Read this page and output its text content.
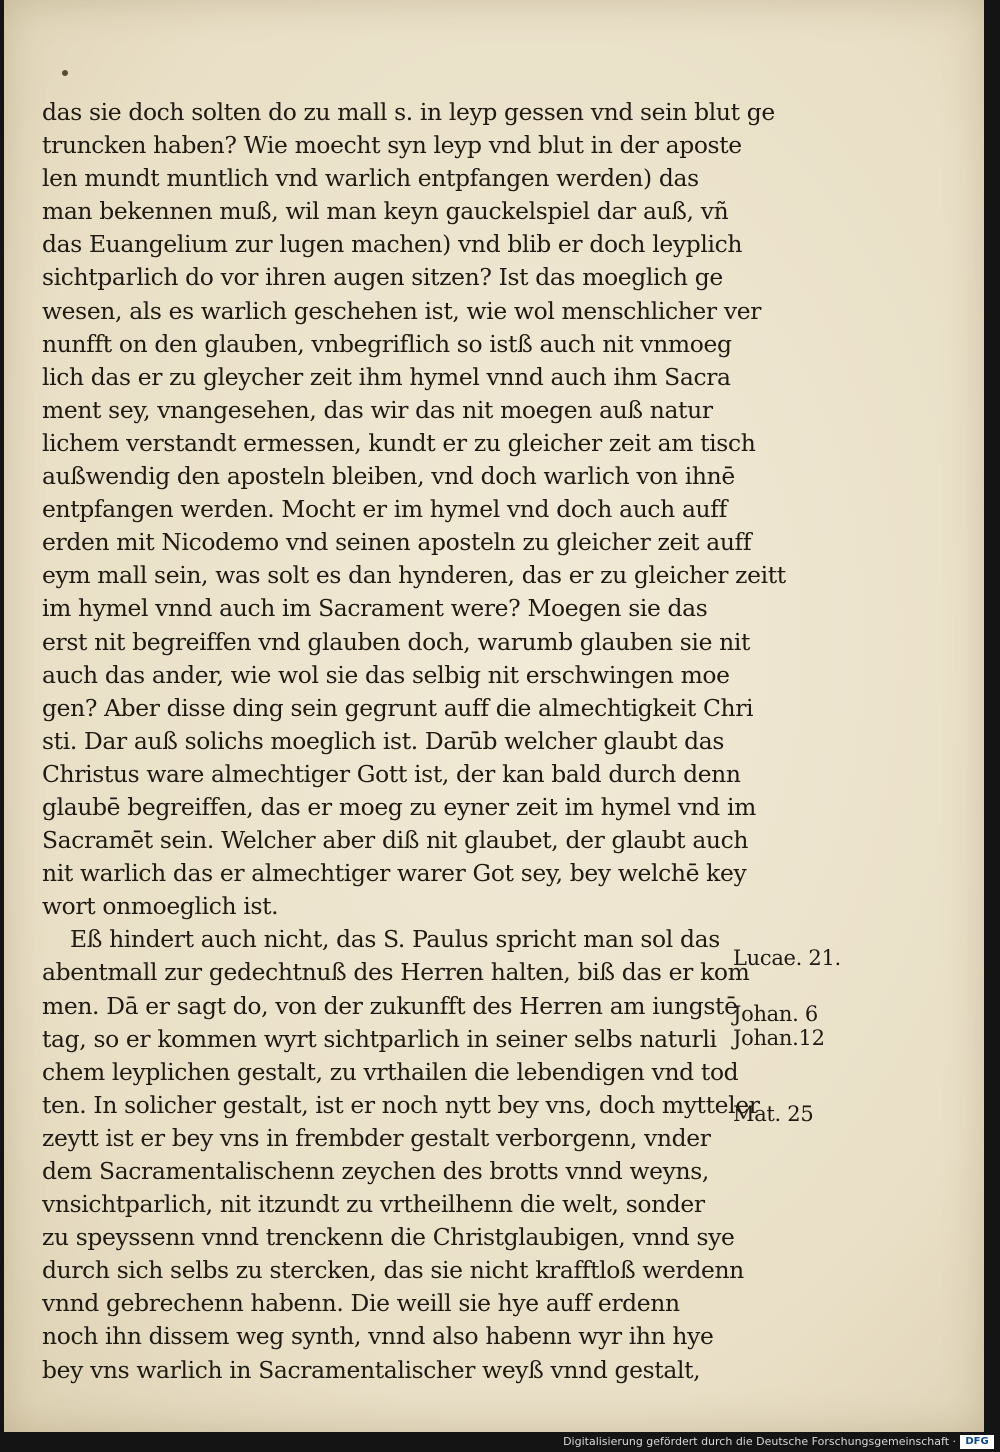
das sie doch solten do zu mall s. in leyp gessen vnd sein blut ge
truncken haben? Wie moecht syn leyp vnd blut in der aposte
len mundt muntlich vnd warlich entpfangen werden) das
man bekennen muß, wil man keyn gauckelspiel dar auß, vñ
das Euangelium zur lugen machen) vnd blib er doch leyplich
sichtparlich do vor ihren augen sitzen? Ist das moeglich ge
wesen, als es warlich geschehen ist, wie wol menschlicher ver
nunfft on den glauben, vnbegriflich so istß auch nit vnmoeg
lich das er zu gleycher zeit ihm hymel vnnd auch ihm Sacra
ment sey, vnangesehen, das wir das nit moegen auß natur
lichem verstandt ermessen, kundt er zu gleicher zeit am tisch
außwendig den aposteln bleiben, vnd doch warlich von ihnē
entpfangen werden. Mocht er im hymel vnd doch auch auff
erden mit Nicodemo vnd seinen aposteln zu gleicher zeit auff
eym mall sein, was solt es dan hynderen, das er zu gleicher zeitt
im hymel vnnd auch im Sacrament were? Moegen sie das
erst nit begreiffen vnd glauben doch, warumb glauben sie nit
auch das ander, wie wol sie das selbig nit erschwingen moe
gen? Aber disse ding sein gegrunt auff die almechtigkeit Chri
sti. Dar auß solichs moeglich ist. Darūb welcher glaubt das
Christus ware almechtiger Gott ist, der kan bald durch denn
glaubē begreiffen, das er moeg zu eyner zeit im hymel vnd im
Sacramēt sein. Welcher aber diß nit glaubet, der glaubt auch
nit warlich das er almechtiger warer Got sey, bey welchē key
wort onmoeglich ist.
Eß hindert auch nicht, das S. Paulus spricht man sol das
abentmall zur gedechtnuß des Herren halten, biß das er kom
men. Dā er sagt do, von der zukunfft des Herren am iungstē
tag, so er kommen wyrt sichtparlich in seiner selbs naturli
chem leyplichen gestalt, zu vrthailen die lebendigen vnd tod
ten. In solicher gestalt, ist er noch nytt bey vns, doch mytteler
zeytt ist er bey vns in frembder gestalt verborgenn, vnder
dem Sacramentalischenn zeychen des brotts vnnd weyns,
vnsichtparlich, nit itzundt zu vrtheilhenn die welt, sonder
zu speyssenn vnnd trenckenn die Christglaubigen, vnnd sye
durch sich selbs zu stercken, das sie nicht krafftloß werdenn
vnnd gebrechenn habenn. Die weill sie hye auff erdenn
noch ihn dissem weg synth, vnnd also habenn wyr ihn hye
bey vns warlich in Sacramentalischer weyß vnnd gestalt,
Lucae. 21.
Johan. 6
Johan.12
Mat. 25
Digitalisierung gefördert durch die Deutsche Forschungsgemeinschaft · DFG
